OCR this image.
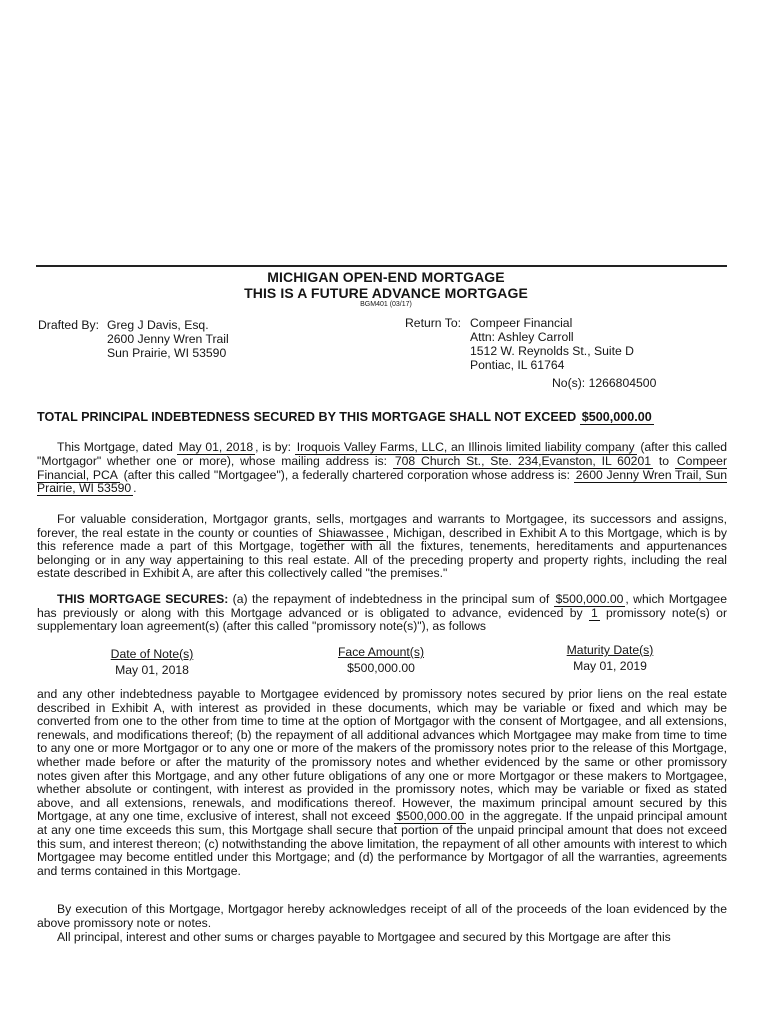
MICHIGAN OPEN-END MORTGAGE
THIS IS A FUTURE ADVANCE MORTGAGE
BGM401 (03/17)
Drafted By: Greg J Davis, Esq.
2600 Jenny Wren Trail
Sun Prairie, WI 53590
Return To: Compeer Financial
Attn: Ashley Carroll
1512 W. Reynolds St., Suite D
Pontiac, IL 61764
No(s): 1266804500
TOTAL PRINCIPAL INDEBTEDNESS SECURED BY THIS MORTGAGE SHALL NOT EXCEED $500,000.00
This Mortgage, dated May 01, 2018 , is by: Iroquois Valley Farms, LLC, an Illinois limited liability company (after this called "Mortgagor" whether one or more), whose mailing address is: 708 Church St., Ste. 234,Evanston, IL 60201 to Compeer Financial, PCA (after this called "Mortgagee"), a federally chartered corporation whose address is: 2600 Jenny Wren Trail, Sun Prairie, WI 53590 .
For valuable consideration, Mortgagor grants, sells, mortgages and warrants to Mortgagee, its successors and assigns, forever, the real estate in the county or counties of Shiawassee , Michigan, described in Exhibit A to this Mortgage, which is by this reference made a part of this Mortgage, together with all the fixtures, tenements, hereditaments and appurtenances belonging or in any way appertaining to this real estate. All of the preceding property and property rights, including the real estate described in Exhibit A, are after this collectively called "the premises."
THIS MORTGAGE SECURES: (a) the repayment of indebtedness in the principal sum of $500,000.00 , which Mortgagee has previously or along with this Mortgage advanced or is obligated to advance, evidenced by 1 promissory note(s) or supplementary loan agreement(s) (after this called "promissory note(s)"), as follows
Date of Note(s)
May 01, 2018
Face Amount(s)
$500,000.00
Maturity Date(s)
May 01, 2019
and any other indebtedness payable to Mortgagee evidenced by promissory notes secured by prior liens on the real estate described in Exhibit A, with interest as provided in these documents, which may be variable or fixed and which may be converted from one to the other from time to time at the option of Mortgagor with the consent of Mortgagee, and all extensions, renewals, and modifications thereof; (b) the repayment of all additional advances which Mortgagee may make from time to time to any one or more Mortgagor or to any one or more of the makers of the promissory notes prior to the release of this Mortgage, whether made before or after the maturity of the promissory notes and whether evidenced by the same or other promissory notes given after this Mortgage, and any other future obligations of any one or more Mortgagor or these makers to Mortgagee, whether absolute or contingent, with interest as provided in the promissory notes, which may be variable or fixed as stated above, and all extensions, renewals, and modifications thereof. However, the maximum principal amount secured by this Mortgage, at any one time, exclusive of interest, shall not exceed $500,000.00 in the aggregate. If the unpaid principal amount at any one time exceeds this sum, this Mortgage shall secure that portion of the unpaid principal amount that does not exceed this sum, and interest thereon; (c) notwithstanding the above limitation, the repayment of all other amounts with interest to which Mortgagee may become entitled under this Mortgage; and (d) the performance by Mortgagor of all the warranties, agreements and terms contained in this Mortgage.
By execution of this Mortgage, Mortgagor hereby acknowledges receipt of all of the proceeds of the loan evidenced by the above promissory note or notes.
All principal, interest and other sums or charges payable to Mortgagee and secured by this Mortgage are after this
